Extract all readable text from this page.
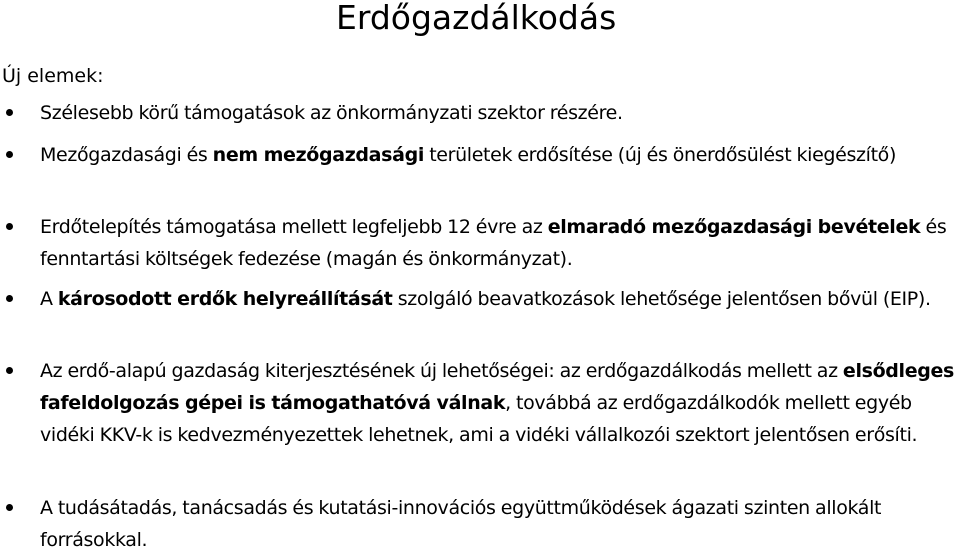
Erdőgazdálkodás
Új elemek:
Szélesebb körű támogatások az önkormányzati szektor részére.
Mezőgazdasági és nem mezőgazdasági területek erdősítése (új és önerdősülést kiegészítő)
Erdőtelepítés támogatása mellett legfeljebb 12 évre az elmaradó mezőgazdasági bevételek és fenntartási költségek fedezése (magán és önkormányzat).
A károsodott erdők helyreállítását szolgáló beavatkozások lehetősége jelentősen bővül (EIP).
Az erdő-alapú gazdaság kiterjesztésének új lehetőségei: az erdőgazdálkodás mellett az elsődleges fafeldolgozás gépei is támogathatóvá válnak, továbbá az erdőgazdálkodók mellett egyéb vidéki KKV-k is kedvezményezettek lehetnek, ami a vidéki vállalkozói szektort jelentősen erősíti.
A tudásátadás, tanácsadás és kutatási-innovációs együttműködések ágazati szinten allokált forrásokkal.
